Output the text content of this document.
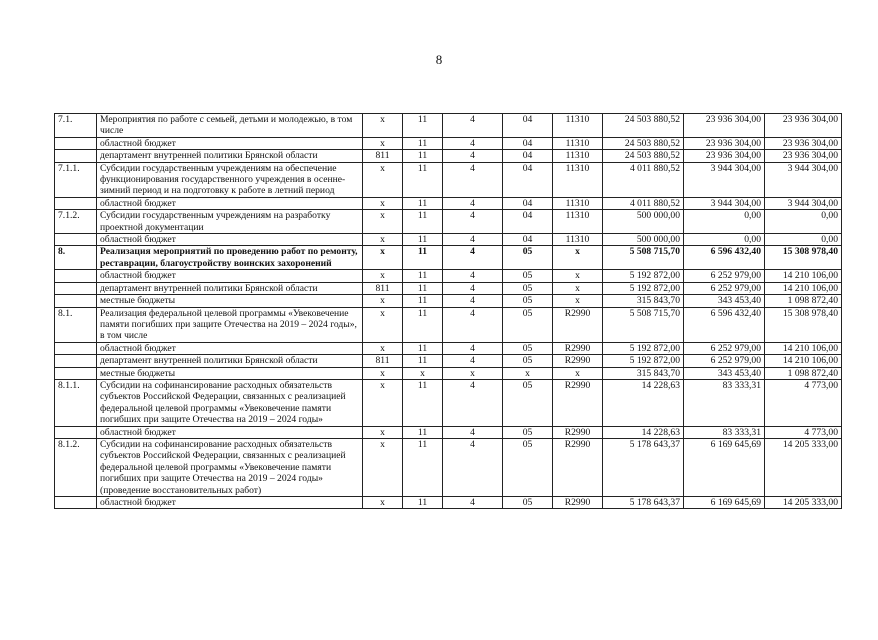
8
7.1.	Мероприятия по работе с семьей, детьми и молодежью, в том числе	х	11	4	04	11310	24 503 880,52	23 936 304,00	23 936 304,00
	областной бюджет	х	11	4	04	11310	24 503 880,52	23 936 304,00	23 936 304,00
	департамент внутренней политики Брянской области	811	11	4	04	11310	24 503 880,52	23 936 304,00	23 936 304,00
7.1.1.	Субсидии государственным учреждениям на обеспечение функционирования государственного учреждения в осенне-зимний период и на подготовку к работе в летний период	х	11	4	04	11310	4 011 880,52	3 944 304,00	3 944 304,00
	областной бюджет	х	11	4	04	11310	4 011 880,52	3 944 304,00	3 944 304,00
7.1.2.	Субсидии государственным учреждениям на разработку проектной документации	х	11	4	04	11310	500 000,00	0,00	0,00
	областной бюджет	х	11	4	04	11310	500 000,00	0,00	0,00
8.	Реализация мероприятий по проведению работ по ремонту, реставрации, благоустройству воинских захоронений	х	11	4	05	х	5 508 715,70	6 596 432,40	15 308 978,40
	областной бюджет	х	11	4	05	х	5 192 872,00	6 252 979,00	14 210 106,00
	департамент внутренней политики Брянской области	811	11	4	05	х	5 192 872,00	6 252 979,00	14 210 106,00
	местные бюджеты	х	11	4	05	х	315 843,70	343 453,40	1 098 872,40
8.1.	Реализация федеральной целевой программы «Увековечение памяти погибших при защите Отечества на 2019 – 2024 годы», в том числе	х	11	4	05	R2990	5 508 715,70	6 596 432,40	15 308 978,40
	областной бюджет	х	11	4	05	R2990	5 192 872,00	6 252 979,00	14 210 106,00
	департамент внутренней политики Брянской области	811	11	4	05	R2990	5 192 872,00	6 252 979,00	14 210 106,00
	местные бюджеты	х	х	х	х	х	315 843,70	343 453,40	1 098 872,40
8.1.1.	Субсидии на софинансирование расходных обязательств субъектов Российской Федерации, связанных с реализацией федеральной целевой программы «Увековечение памяти погибших при защите Отечества на 2019 – 2024 годы»	х	11	4	05	R2990	14 228,63	83 333,31	4 773,00
	областной бюджет	х	11	4	05	R2990	14 228,63	83 333,31	4 773,00
8.1.2.	Субсидии на софинансирование расходных обязательств субъектов Российской Федерации, связанных с реализацией федеральной целевой программы «Увековечение памяти погибших при защите Отечества на 2019 – 2024 годы» (проведение восстановительных работ)	х	11	4	05	R2990	5 178 643,37	6 169 645,69	14 205 333,00
	областной бюджет	х	11	4	05	R2990	5 178 643,37	6 169 645,69	14 205 333,00
